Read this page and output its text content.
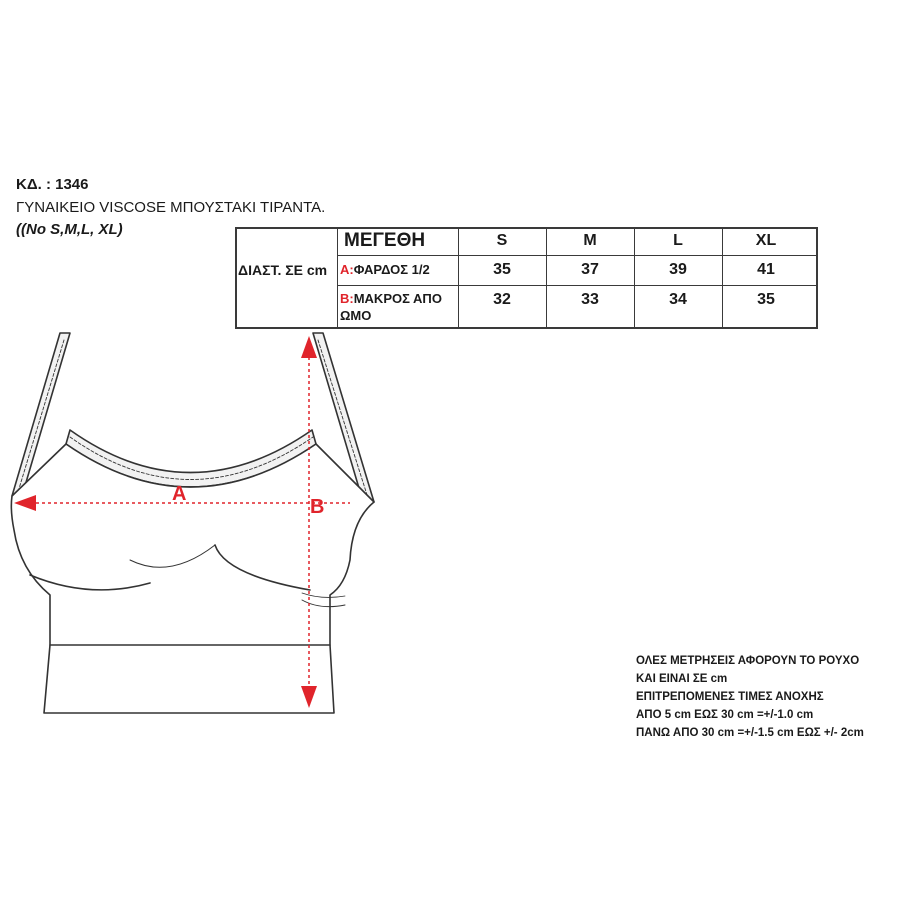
ΚΔ. : 1346
ΓΥΝΑΙΚΕΙΟ VISCOSE ΜΠΟΥΣΤΑΚΙ ΤΙΡΑΝΤΑ.
((No S,M,L, XL)
ΜΕΓΕΘΗ	S	M	L	XL
ΔΙΑΣΤ. ΣΕ cm A:ΦΑΡΔΟΣ 1/2	35	37	39	41
B:ΜΑΚΡΟΣ ΑΠΟ
ΩΜΟ
32	33	34	35
A
B
ΟΛΕΣ ΜΕΤΡΗΣΕΙΣ ΑΦΟΡΟΥΝ ΤΟ ΡΟΥΧΟ
ΚΑΙ ΕΙΝΑΙ ΣΕ cm
ΕΠΙΤΡΕΠΟΜΕΝΕΣ ΤΙΜΕΣ ΑΝΟΧΗΣ
ΑΠΟ 5 cm ΕΩΣ 30 cm =+/-1.0 cm
ΠΑΝΩ ΑΠΟ 30 cm =+/-1.5 cm ΕΩΣ +/- 2cm
